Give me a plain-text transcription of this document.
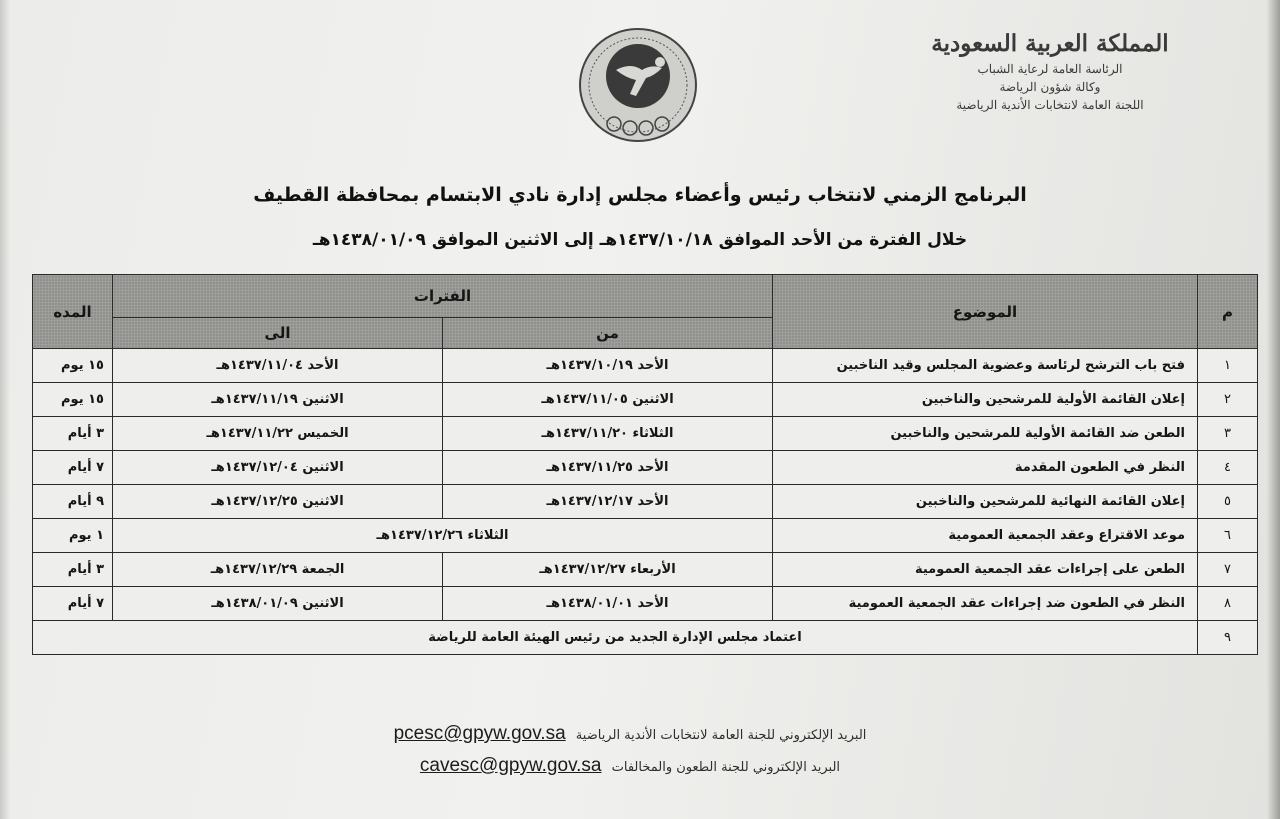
المملكة العربية السعودية
الرئاسة العامة لرعاية الشباب
وكالة شؤون الرياضة
اللجنة العامة لانتخابات الأندية الرياضية
البرنامج الزمني لانتخاب رئيس وأعضاء مجلس إدارة نادي الابتسام بمحافظة القطيف
خلال الفترة من الأحد الموافق ١٤٣٧/١٠/١٨هـ إلى الاثنين الموافق ١٤٣٨/٠١/٠٩هـ
م	الموضوع	الفترات		المده
		من	الى	
١	فتح باب الترشح لرئاسة وعضوية المجلس وقيد الناخبين	الأحد ١٤٣٧/١٠/١٩هـ	الأحد ١٤٣٧/١١/٠٤هـ	١٥ يوم
٢	إعلان القائمة الأولية للمرشحين والناخبين	الاثنين ١٤٣٧/١١/٠٥هـ	الاثنين ١٤٣٧/١١/١٩هـ	١٥ يوم
٣	الطعن ضد القائمة الأولية للمرشحين والناخبين	الثلاثاء ١٤٣٧/١١/٢٠هـ	الخميس ١٤٣٧/١١/٢٢هـ	٣ أيام
٤	النظر في الطعون المقدمة	الأحد ١٤٣٧/١١/٢٥هـ	الاثنين ١٤٣٧/١٢/٠٤هـ	٧ أيام
٥	إعلان القائمة النهائية للمرشحين والناخبين	الأحد ١٤٣٧/١٢/١٧هـ	الاثنين ١٤٣٧/١٢/٢٥هـ	٩ أيام
٦	موعد الاقتراع وعقد الجمعية العمومية	الثلاثاء ١٤٣٧/١٢/٢٦هـ		١ يوم
٧	الطعن على إجراءات عقد الجمعية العمومية	الأربعاء ١٤٣٧/١٢/٢٧هـ	الجمعة ١٤٣٧/١٢/٢٩هـ	٣ أيام
٨	النظر في الطعون ضد إجراءات عقد الجمعية العمومية	الأحد ١٤٣٨/٠١/٠١هـ	الاثنين ١٤٣٨/٠١/٠٩هـ	٧ أيام
٩	اعتماد مجلس الإدارة الجديد من رئيس الهيئة العامة للرياضة			
البريد الإلكتروني للجنة العامة لانتخابات الأندية الرياضية pcesc@gpyw.gov.sa
البريد الإلكتروني للجنة الطعون والمخالفات cavesc@gpyw.gov.sa
